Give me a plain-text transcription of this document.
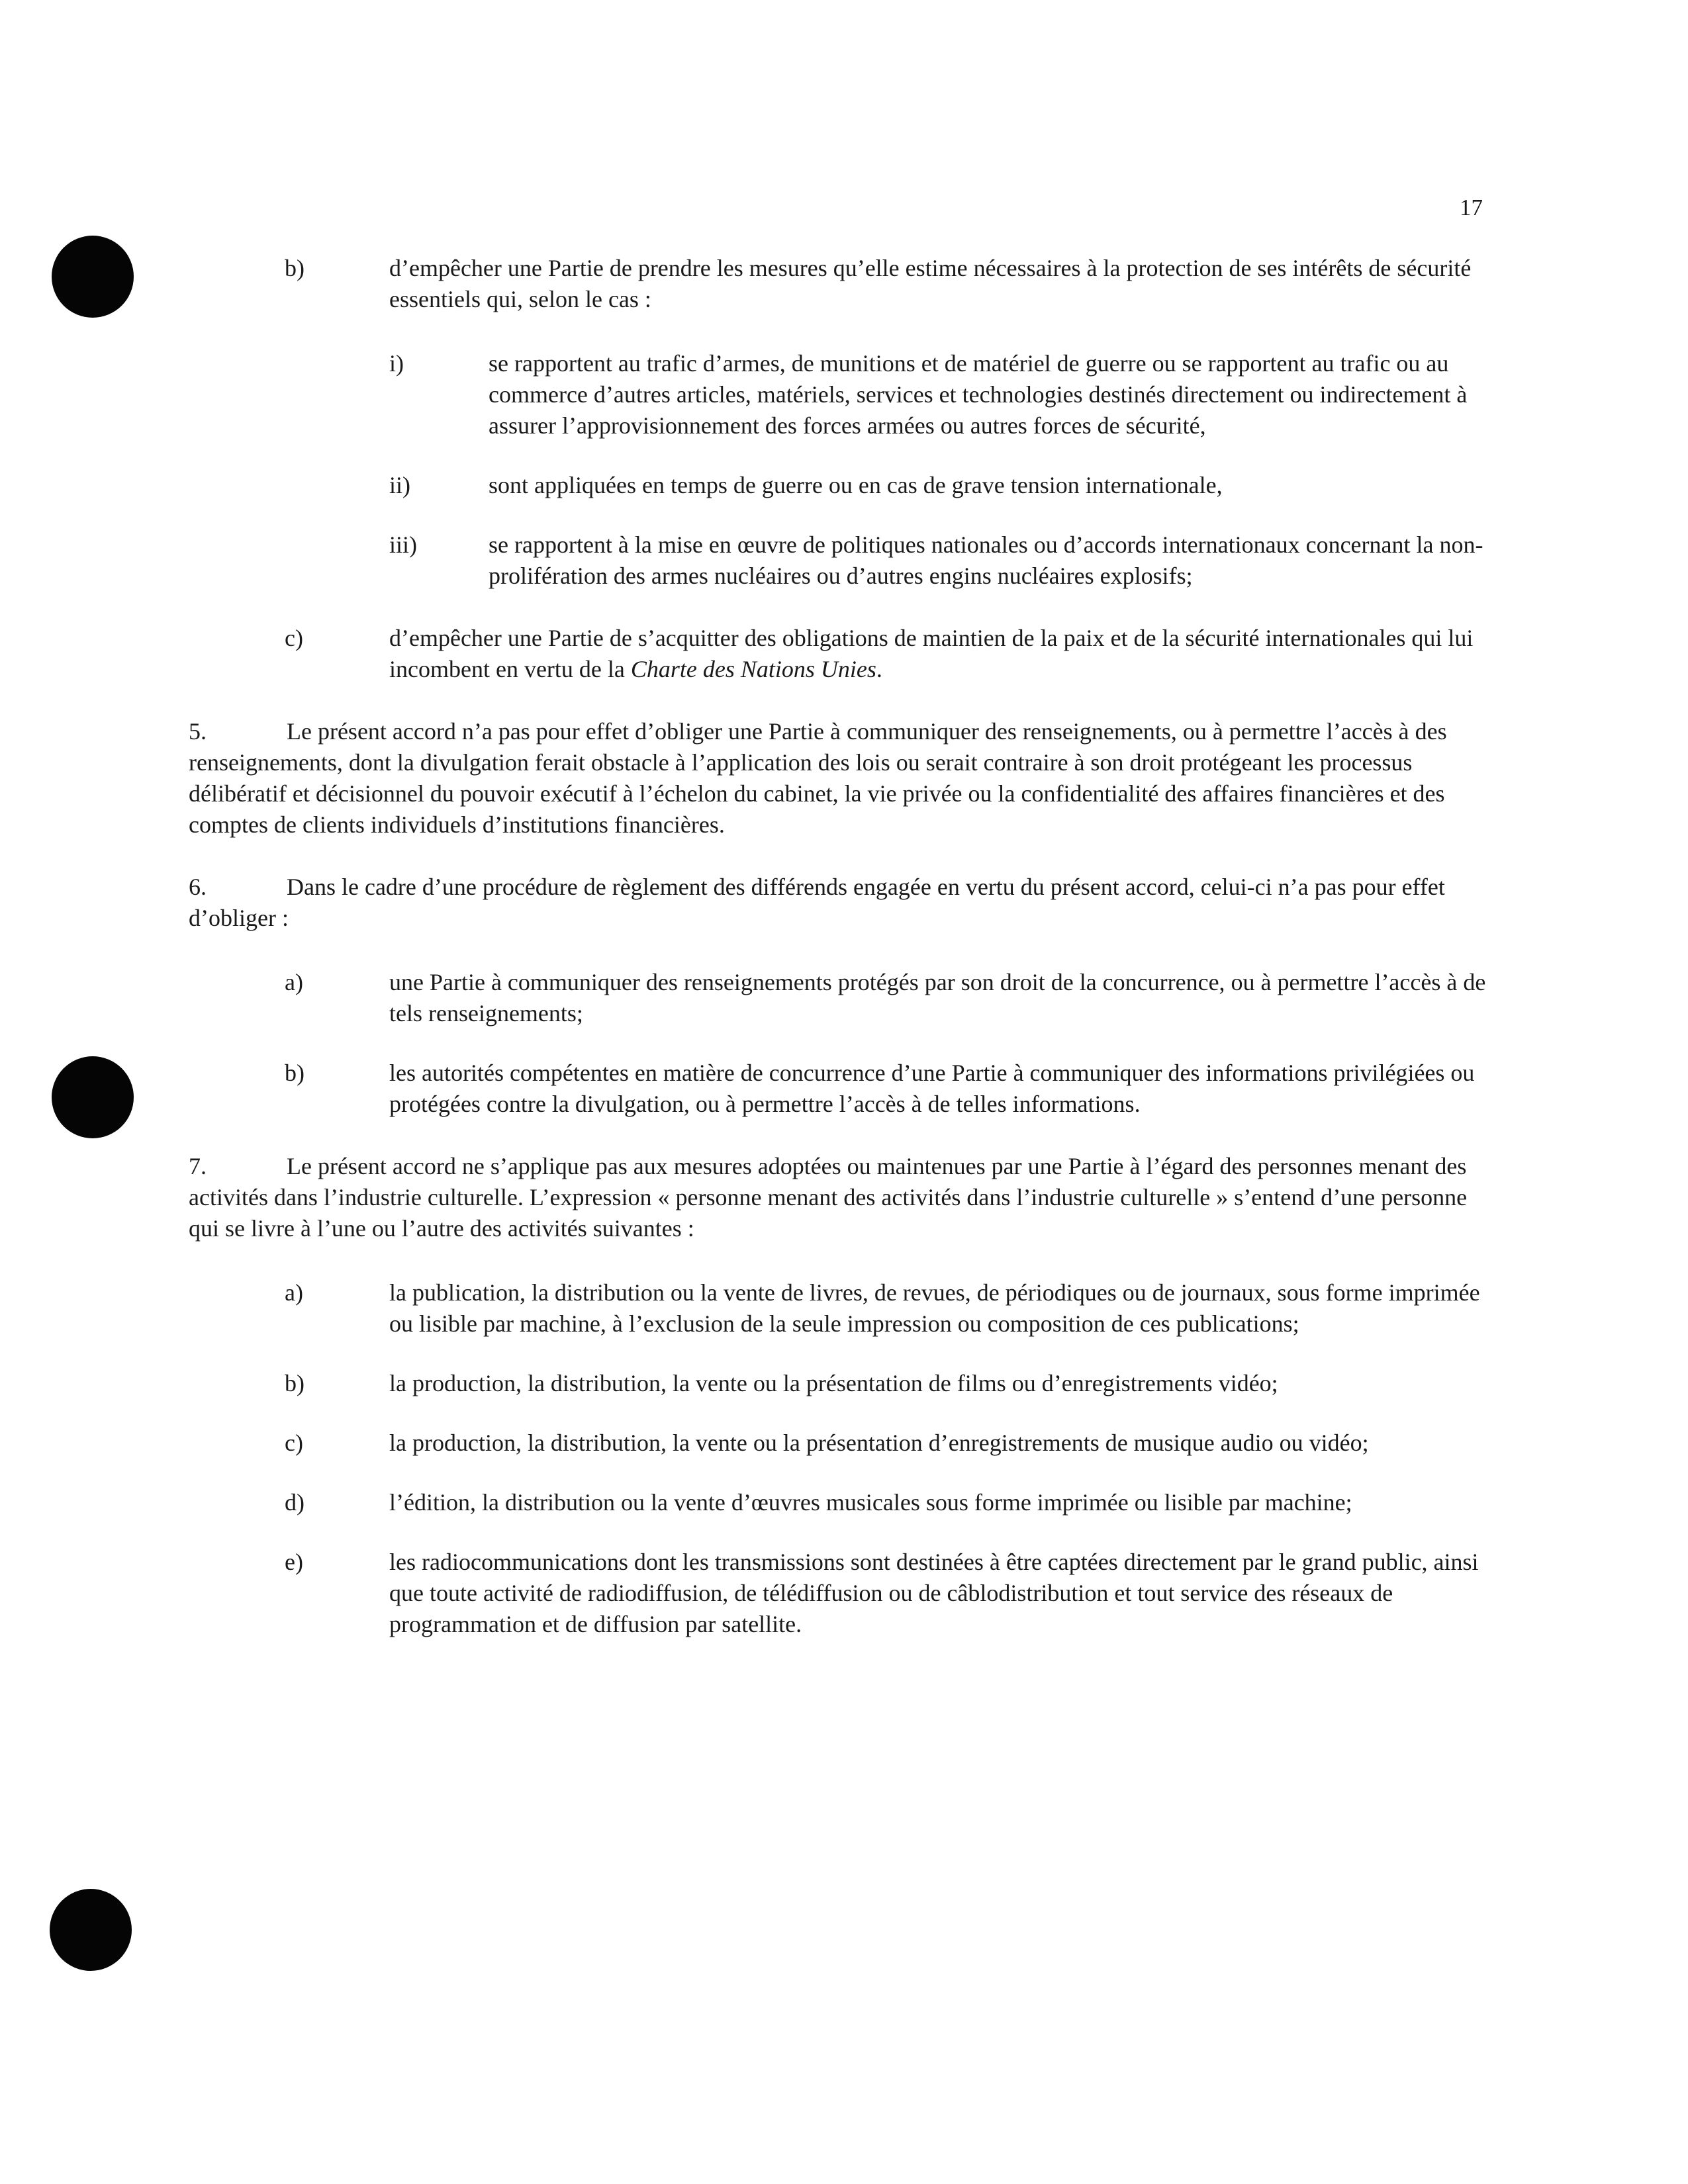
17
b)	d’empêcher une Partie de prendre les mesures qu’elle estime nécessaires à la protection de ses intérêts de sécurité essentiels qui, selon le cas :
i)	se rapportent au trafic d’armes, de munitions et de matériel de guerre ou se rapportent au trafic ou au commerce d’autres articles, matériels, services et technologies destinés directement ou indirectement à assurer l’approvisionnement des forces armées ou autres forces de sécurité,
ii)	sont appliquées en temps de guerre ou en cas de grave tension internationale,
iii)	se rapportent à la mise en œuvre de politiques nationales ou d’accords internationaux concernant la non-prolifération des armes nucléaires ou d’autres engins nucléaires explosifs;
c)	d’empêcher une Partie de s’acquitter des obligations de maintien de la paix et de la sécurité internationales qui lui incombent en vertu de la Charte des Nations Unies.
5.	Le présent accord n’a pas pour effet d’obliger une Partie à communiquer des renseignements, ou à permettre l’accès à des renseignements, dont la divulgation ferait obstacle à l’application des lois ou serait contraire à son droit protégeant les processus délibératif et décisionnel du pouvoir exécutif à l’échelon du cabinet, la vie privée ou la confidentialité des affaires financières et des comptes de clients individuels d’institutions financières.
6.	Dans le cadre d’une procédure de règlement des différends engagée en vertu du présent accord, celui-ci n’a pas pour effet d’obliger :
a)	une Partie à communiquer des renseignements protégés par son droit de la concurrence, ou à permettre l’accès à de tels renseignements;
b)	les autorités compétentes en matière de concurrence d’une Partie à communiquer des informations privilégiées ou protégées contre la divulgation, ou à permettre l’accès à de telles informations.
7.	Le présent accord ne s’applique pas aux mesures adoptées ou maintenues par une Partie à l’égard des personnes menant des activités dans l’industrie culturelle. L’expression « personne menant des activités dans l’industrie culturelle » s’entend d’une personne qui se livre à l’une ou l’autre des activités suivantes :
a)	la publication, la distribution ou la vente de livres, de revues, de périodiques ou de journaux, sous forme imprimée ou lisible par machine, à l’exclusion de la seule impression ou composition de ces publications;
b)	la production, la distribution, la vente ou la présentation de films ou d’enregistrements vidéo;
c)	la production, la distribution, la vente ou la présentation d’enregistrements de musique audio ou vidéo;
d)	l’édition, la distribution ou la vente d’œuvres musicales sous forme imprimée ou lisible par machine;
e)	les radiocommunications dont les transmissions sont destinées à être captées directement par le grand public, ainsi que toute activité de radiodiffusion, de télédiffusion ou de câblodistribution et tout service des réseaux de programmation et de diffusion par satellite.
